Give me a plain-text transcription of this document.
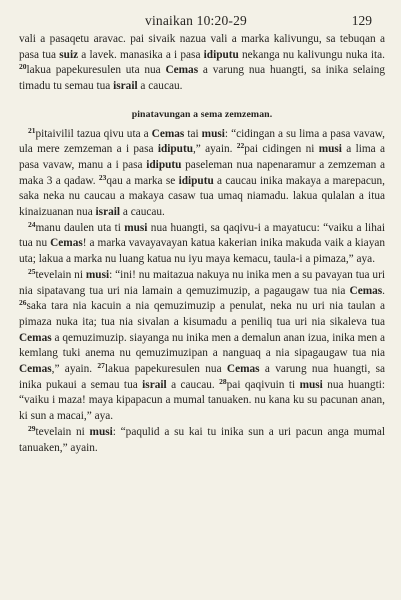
vinaikan 10:20-29	129

vali a pasaqetu aravac. pai sivaik nazua vali a marka kalivungu, sa tebuqan a pasa tua suiz a lavek. manasika a i pasa idiputu nekanga nu kalivungu nuka ita. $^{20}$lakua papekuresulen uta nua Cemas a varung nua huangti, sa inika selaing timadu tu semau tua israil a caucau.

pinatavungan a sema zemzeman.

$^{21}$pitaivilil tazua qivu uta a Cemas tai musi: “cidingan a su lima a pasa vavaw, ula mere zemzeman a i pasa idiputu,” ayain. $^{22}$pai cidingen ni musi a lima a pasa vavaw, manu a i pasa idiputu paseleman nua napenaramur a zemzeman a maka 3 a qadaw. $^{23}$qau a marka se idiputu a caucau inika makaya a marepacun, saka neka nu caucau a makaya casaw tua umaq niamadu. lakua qulalan a itua kinaizuanan nua israil a caucau.

$^{24}$manu daulen uta ti musi nua huangti, sa qaqivu-i a mayatucu: “vaiku a lihai tua nu Cemas! a marka vavayavayan katua kakerian inika makuda vaik a kiayan uta; lakua a marka nu luang katua nu iyu maya kemacu, taula-i a pimaza,” aya.

$^{25}$tevelain ni musi: “ini! nu maitazua nakuya nu inika men a su pavayan tua uri nia sipatavang tua uri nia lamain a qemuzimuzip, a pagaugaw tua nia Cemas. $^{26}$saka tara nia kacuin a nia qemuzimuzip a penulat, neka nu uri nia taulan a pimaza nuka ita; tua nia sivalan a kisumadu a peniliq tua uri nia sikaleva tua Cemas a qemuzimuzip. siayanga nu inika men a demalun anan izua, inika men a kemlang tuki anema nu qemuzimuzipan a nanguaq a nia sipagaugaw tua nia Cemas,” ayain. $^{27}$lakua papekuresulen nua Cemas a varung nua huangti, sa inika pukaui a semau tua israil a caucau. $^{28}$pai qaqivuin ti musi nua huangti: “vaiku i maza! maya kipapacun a mumal tanuaken. nu kana ku su pacunan anan, ki sun a macai,” aya.

$^{29}$tevelain ni musi: “paqulid a su kai tu inika sun a uri pacun anga mumal tanuaken,” ayain.
